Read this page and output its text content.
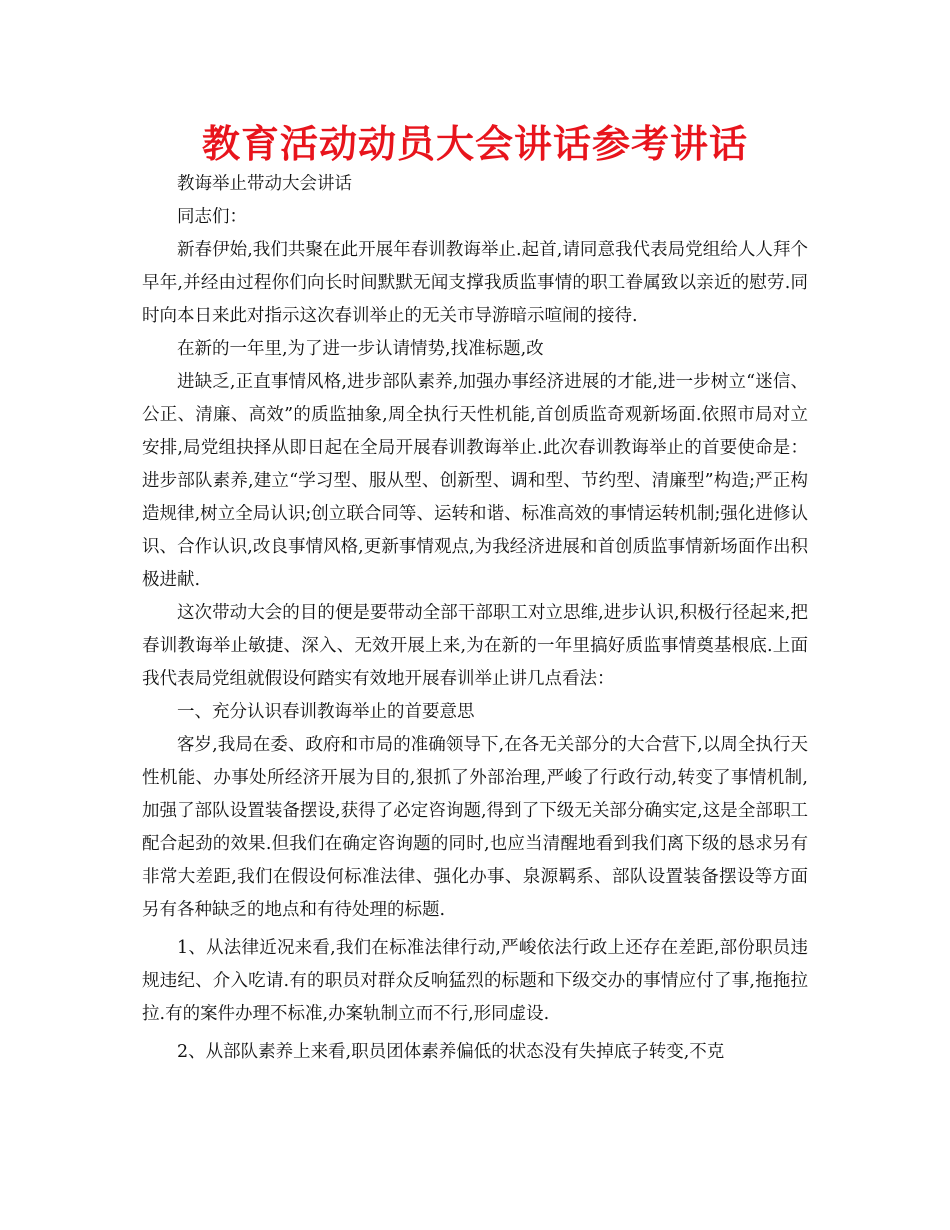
教育活动动员大会讲话参考讲话

教诲举止带动大会讲话

同志们：

新春伊始,我们共聚在此开展年春训教诲举止.起首,请同意我代表局党组给人人拜个早年,并经由过程你们向长时间默默无闻支撑我质监事情的职工眷属致以亲近的慰劳.同时向本日来此对指示这次春训举止的无关市导游暗示喧闹的接待.

在新的一年里,为了进一步认请情势,找准标题,改

进缺乏,正直事情风格,进步部队素养,加强办事经济进展的才能,进一步树立“迷信、公正、清廉、高效”的质监抽象,周全执行天性机能,首创质监奇观新场面.依照市局对立安排,局党组抉择从即日起在全局开展春训教诲举止.此次春训教诲举止的首要使命是：进步部队素养,建立“学习型、服从型、创新型、调和型、节约型、清廉型”构造;严正构造规律,树立全局认识;创立联合同等、运转和谐、标准高效的事情运转机制;强化进修认识、合作认识,改良事情风格,更新事情观点,为我经济进展和首创质监事情新场面作出积极进献.

这次带动大会的目的便是要带动全部干部职工对立思维,进步认识,积极行径起来,把春训教诲举止敏捷、深入、无效开展上来,为在新的一年里搞好质监事情奠基根底.上面我代表局党组就假设何踏实有效地开展春训举止讲几点看法：

一、充分认识春训教诲举止的首要意思

客岁,我局在委、政府和市局的准确领导下,在各无关部分的大合营下,以周全执行天性机能、办事处所经济开展为目的,狠抓了外部治理,严峻了行政行动,转变了事情机制,加强了部队设置装备摆设,获得了必定咨询题,得到了下级无关部分确实定,这是全部职工配合起劲的效果.但我们在确定咨询题的同时,也应当清醒地看到我们离下级的恳求另有非常大差距,我们在假设何标准法律、强化办事、泉源羁系、部队设置装备摆设等方面另有各种缺乏的地点和有待处理的标题.

1、从法律近况来看,我们在标准法律行动,严峻依法行政上还存在差距,部份职员违规违纪、介入吃请.有的职员对群众反响猛烈的标题和下级交办的事情应付了事,拖拖拉拉.有的案件办理不标准,办案轨制立而不行,形同虚设.

2、从部队素养上来看,职员团体素养偏低的状态没有失掉底子转变,不克
